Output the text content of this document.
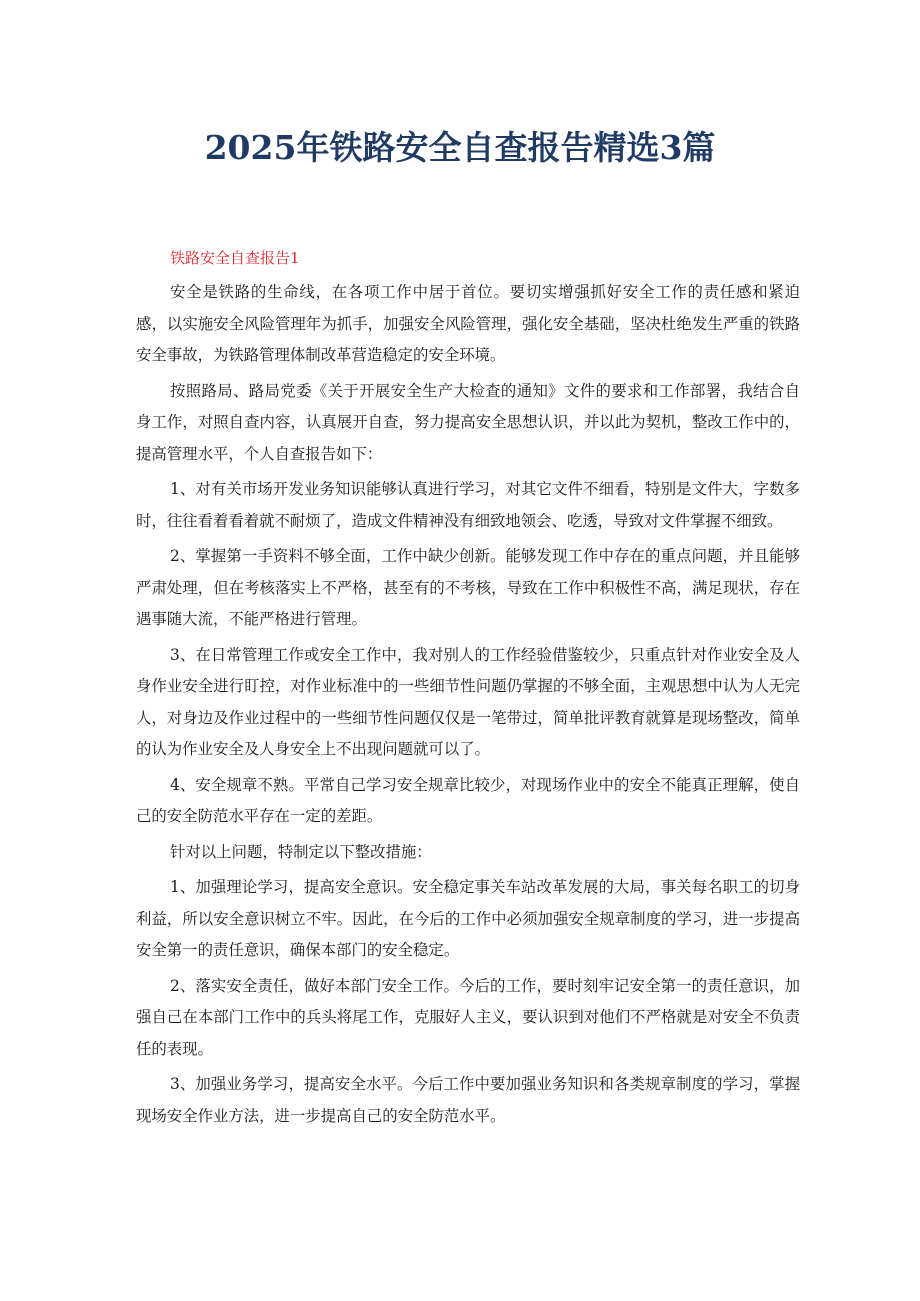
2025年铁路安全自查报告精选3篇

铁路安全自查报告1

安全是铁路的生命线，在各项工作中居于首位。要切实增强抓好安全工作的责任感和紧迫感，以实施安全风险管理年为抓手，加强安全风险管理，强化安全基础，坚决杜绝发生严重的铁路安全事故，为铁路管理体制改革营造稳定的安全环境。

按照路局、路局党委《关于开展安全生产大检查的通知》文件的要求和工作部署，我结合自身工作，对照自查内容，认真展开自查，努力提高安全思想认识，并以此为契机，整改工作中的，提高管理水平，个人自查报告如下：

1、对有关市场开发业务知识能够认真进行学习，对其它文件不细看，特别是文件大，字数多时，往往看着看着就不耐烦了，造成文件精神没有细致地领会、吃透，导致对文件掌握不细致。

2、掌握第一手资料不够全面，工作中缺少创新。能够发现工作中存在的重点问题，并且能够严肃处理，但在考核落实上不严格，甚至有的不考核，导致在工作中积极性不高，满足现状，存在遇事随大流，不能严格进行管理。

3、在日常管理工作或安全工作中，我对别人的工作经验借鉴较少，只重点针对作业安全及人身作业安全进行盯控，对作业标准中的一些细节性问题仍掌握的不够全面，主观思想中认为人无完人，对身边及作业过程中的一些细节性问题仅仅是一笔带过，简单批评教育就算是现场整改，简单的认为作业安全及人身安全上不出现问题就可以了。

4、安全规章不熟。平常自己学习安全规章比较少，对现场作业中的安全不能真正理解，使自己的安全防范水平存在一定的差距。

针对以上问题，特制定以下整改措施：

1、加强理论学习，提高安全意识。安全稳定事关车站改革发展的大局，事关每名职工的切身利益，所以安全意识树立不牢。因此，在今后的工作中必须加强安全规章制度的学习，进一步提高安全第一的责任意识，确保本部门的安全稳定。

2、落实安全责任，做好本部门安全工作。今后的工作，要时刻牢记安全第一的责任意识，加强自己在本部门工作中的兵头将尾工作，克服好人主义，要认识到对他们不严格就是对安全不负责任的表现。

3、加强业务学习，提高安全水平。今后工作中要加强业务知识和各类规章制度的学习，掌握现场安全作业方法，进一步提高自己的安全防范水平。
